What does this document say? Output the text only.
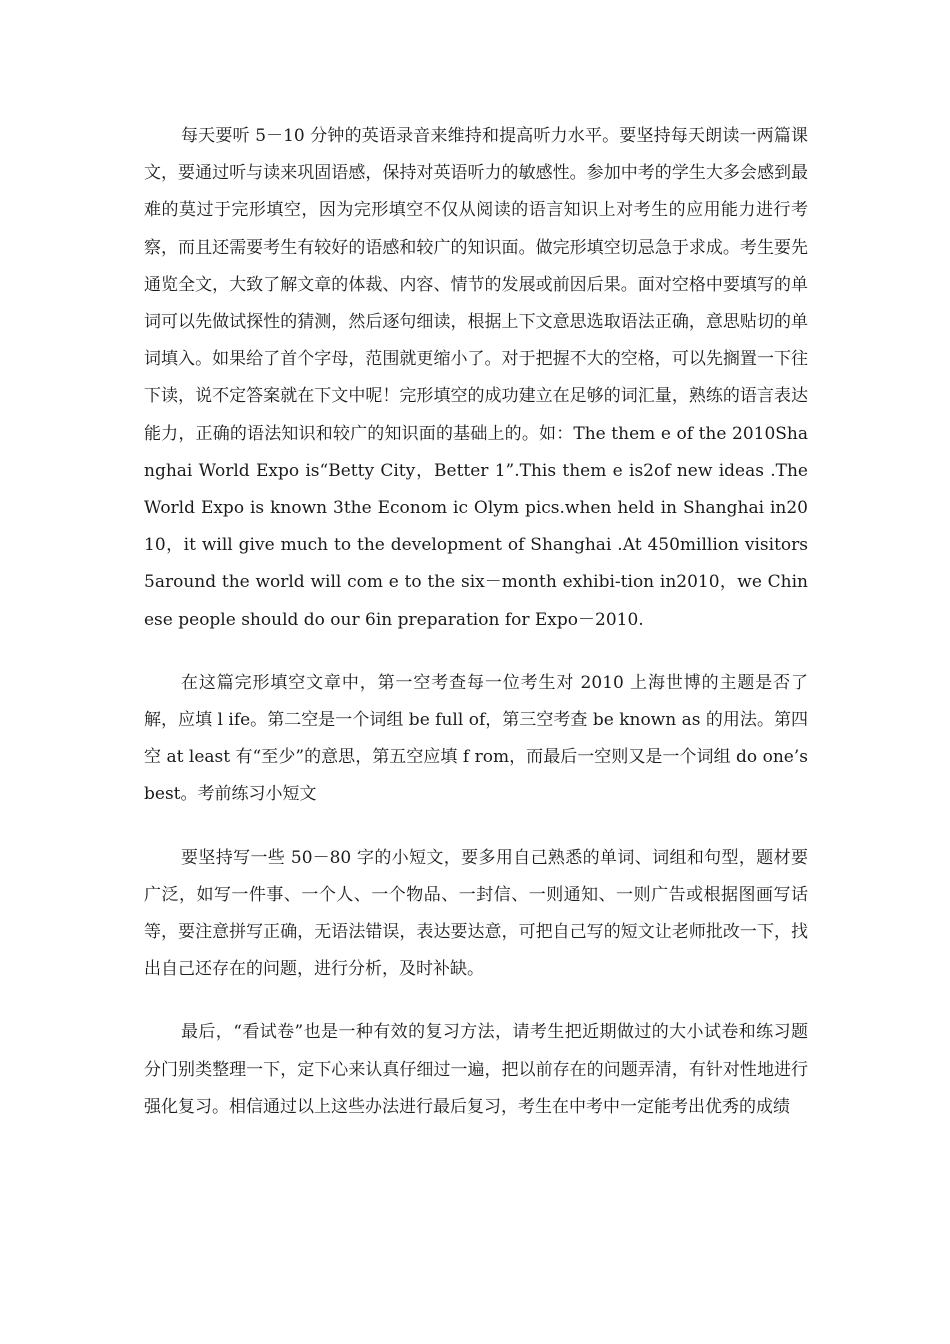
每天要听 5－10 分钟的英语录音来维持和提高听力水平。要坚持每天朗读一两篇课文，要通过听与读来巩固语感，保持对英语听力的敏感性。参加中考的学生大多会感到最难的莫过于完形填空，因为完形填空不仅从阅读的语言知识上对考生的应用能力进行考察，而且还需要考生有较好的语感和较广的知识面。做完形填空切忌急于求成。考生要先通览全文，大致了解文章的体裁、内容、情节的发展或前因后果。面对空格中要填写的单词可以先做试探性的猜测，然后逐句细读，根据上下文意思选取语法正确，意思贴切的单词填入。如果给了首个字母，范围就更缩小了。对于把握不大的空格，可以先搁置一下往下读，说不定答案就在下文中呢！完形填空的成功建立在足够的词汇量，熟练的语言表达能力，正确的语法知识和较广的知识面的基础上的。如：The them e of the 2010Shanghai World Expo is“Betty City，Better 1”.This them e is2of new ideas .The World Expo is known 3the Econom ic Olym pics.when held in Shanghai in2010，it will give much to the development of Shanghai .At 450million visitors 5around the world will com e to the six－month exhibi-tion in2010，we Chinese people should do our 6in preparation for Expo－2010.

在这篇完形填空文章中，第一空考查每一位考生对 2010 上海世博的主题是否了解，应填 l ife。第二空是一个词组 be full of，第三空考查 be known as 的用法。第四空 at least 有“至少”的意思，第五空应填 f rom，而最后一空则又是一个词组 do one’s best。考前练习小短文

要坚持写一些 50－80 字的小短文，要多用自己熟悉的单词、词组和句型，题材要广泛，如写一件事、一个人、一个物品、一封信、一则通知、一则广告或根据图画写话等，要注意拼写正确，无语法错误，表达要达意，可把自己写的短文让老师批改一下，找出自己还存在的问题，进行分析，及时补缺。

最后，“看试卷”也是一种有效的复习方法，请考生把近期做过的大小试卷和练习题分门别类整理一下，定下心来认真仔细过一遍，把以前存在的问题弄清，有针对性地进行强化复习。相信通过以上这些办法进行最后复习，考生在中考中一定能考出优秀的成绩
